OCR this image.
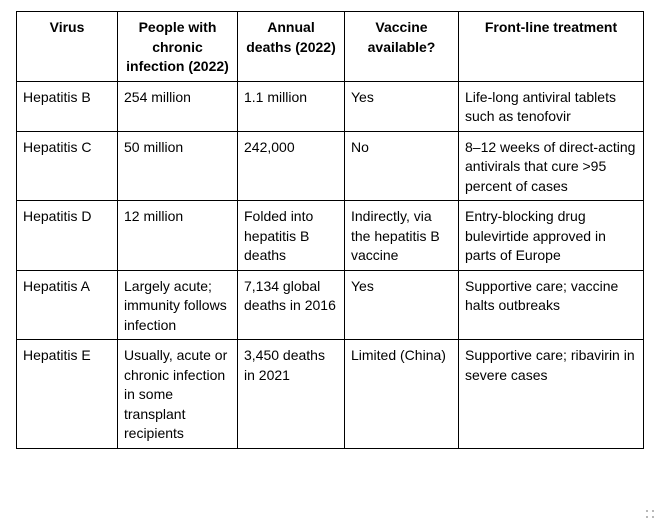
Virus	People with chronic infection (2022)	Annual deaths (2022)	Vaccine available?	Front-line treatment
Hepatitis B	254 million	1.1 million	Yes	Life-long antiviral tablets such as tenofovir
Hepatitis C	50 million	242,000	No	8–12 weeks of direct-acting antivirals that cure >95 percent of cases
Hepatitis D	12 million	Folded into hepatitis B deaths	Indirectly, via the hepatitis B vaccine	Entry-blocking drug bulevirtide approved in parts of Europe
Hepatitis A	Largely acute; immunity follows infection	7,134 global deaths in 2016	Yes	Supportive care; vaccine halts outbreaks
Hepatitis E	Usually, acute or chronic infection in some transplant recipients	3,450 deaths in 2021	Limited (China)	Supportive care; ribavirin in severe cases
